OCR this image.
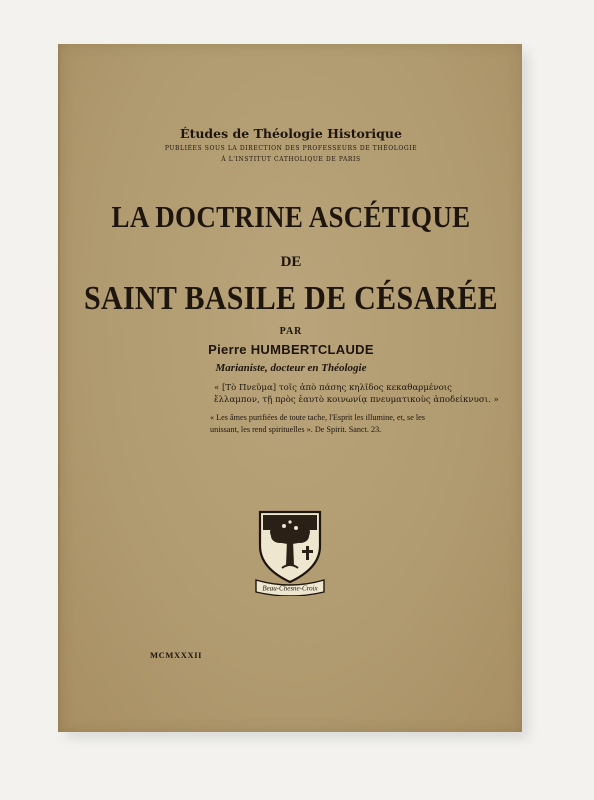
Études de Théologie Historique
PUBLIÉES SOUS LA DIRECTION DES PROFESSEURS DE THÉOLOGIE
À L'INSTITUT CATHOLIQUE DE PARIS
LA DOCTRINE ASCÉTIQUE
DE
SAINT BASILE DE CÉSARÉE
PAR
Pierre HUMBERTCLAUDE
Marianiste, docteur en Théologie
« [Τὸ Πνεῦμα] τοῖς ἀπὸ πάσης κηλῖδος κεκαθαρμένοις
ἔλλαμπον, τῇ πρὸς ἑαυτὸ κοινωνίᾳ πνευματικοὺς ἀποδείκνυσι. »
« Les âmes purifiées de toute tache, l'Esprit les illumine, et, se les
unissant, les rend spirituelles ». De Spirit. Sanct. 23.
Beau-Chesne-Croix
MCMXXXII
